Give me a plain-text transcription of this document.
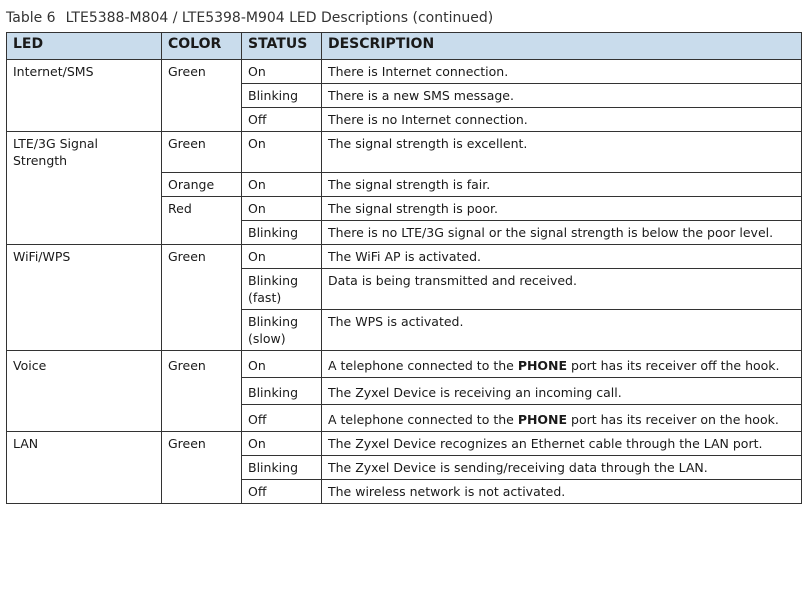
Table 6 LTE5388-M804 / LTE5398-M904 LED Descriptions (continued)
LED	COLOR	STATUS	DESCRIPTION
Internet/SMS	Green	On	There is Internet connection.
		Blinking	There is a new SMS message.
		Off	There is no Internet connection.
LTE/3G Signal Strength	Green	On	The signal strength is excellent.
	Orange	On	The signal strength is fair.
	Red	On	The signal strength is poor.
		Blinking	There is no LTE/3G signal or the signal strength is below the poor level.
WiFi/WPS	Green	On	The WiFi AP is activated.
		Blinking (fast)	Data is being transmitted and received.
		Blinking (slow)	The WPS is activated.
Voice	Green	On	A telephone connected to the PHONE port has its receiver off the hook.
		Blinking	The Zyxel Device is receiving an incoming call.
		Off	A telephone connected to the PHONE port has its receiver on the hook.
LAN	Green	On	The Zyxel Device recognizes an Ethernet cable through the LAN port.
		Blinking	The Zyxel Device is sending/receiving data through the LAN.
		Off	The wireless network is not activated.
